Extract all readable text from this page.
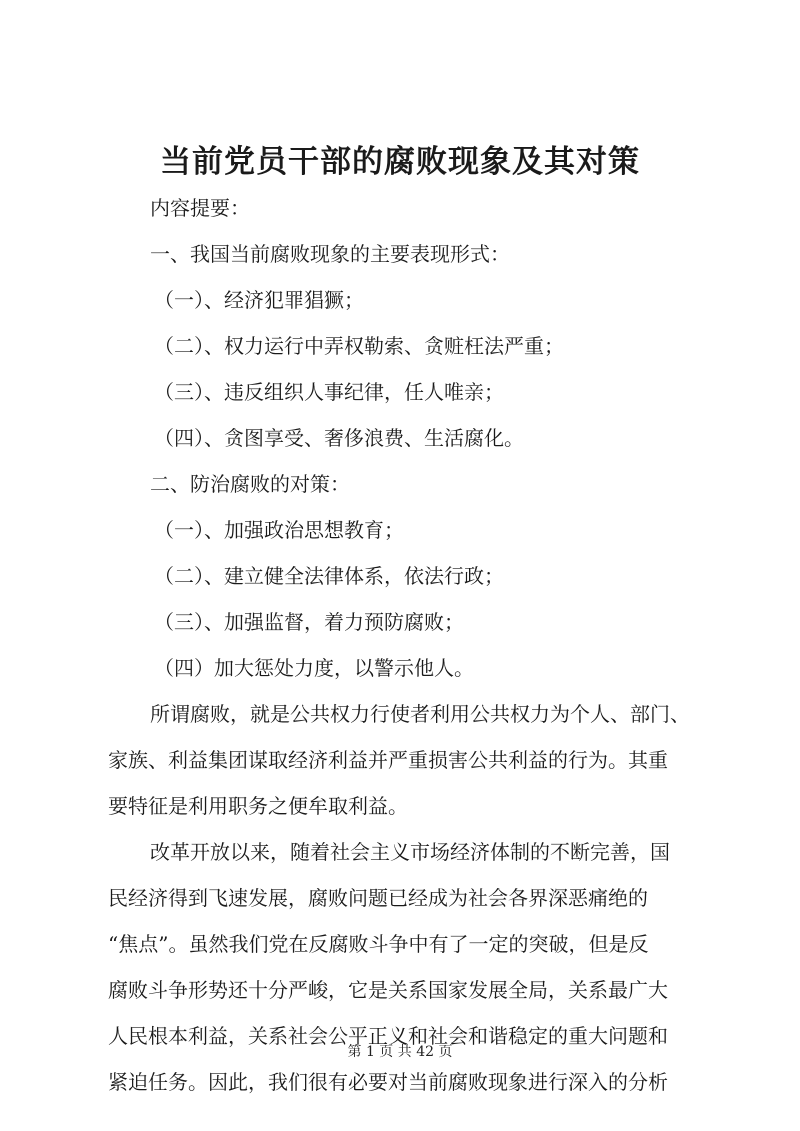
当前党员干部的腐败现象及其对策
内容提要：
一、我国当前腐败现象的主要表现形式：
（一）、经济犯罪猖獗；
（二）、权力运行中弄权勒索、贪赃枉法严重；
（三）、违反组织人事纪律，任人唯亲；
（四）、贪图享受、奢侈浪费、生活腐化。
二、防治腐败的对策：
（一）、加强政治思想教育；
（二）、建立健全法律体系，依法行政；
（三）、加强监督，着力预防腐败；
（四）加大惩处力度，以警示他人。
所谓腐败，就是公共权力行使者利用公共权力为个人、部门、
家族、利益集团谋取经济利益并严重损害公共利益的行为。其重
要特征是利用职务之便牟取利益。
改革开放以来，随着社会主义市场经济体制的不断完善，国
民经济得到飞速发展，腐败问题已经成为社会各界深恶痛绝的
“焦点”。虽然我们党在反腐败斗争中有了一定的突破，但是反
腐败斗争形势还十分严峻，它是关系国家发展全局，关系最广大
人民根本利益，关系社会公平正义和社会和谐稳定的重大问题和
紧迫任务。因此，我们很有必要对当前腐败现象进行深入的分析
第 1 页 共 42 页
